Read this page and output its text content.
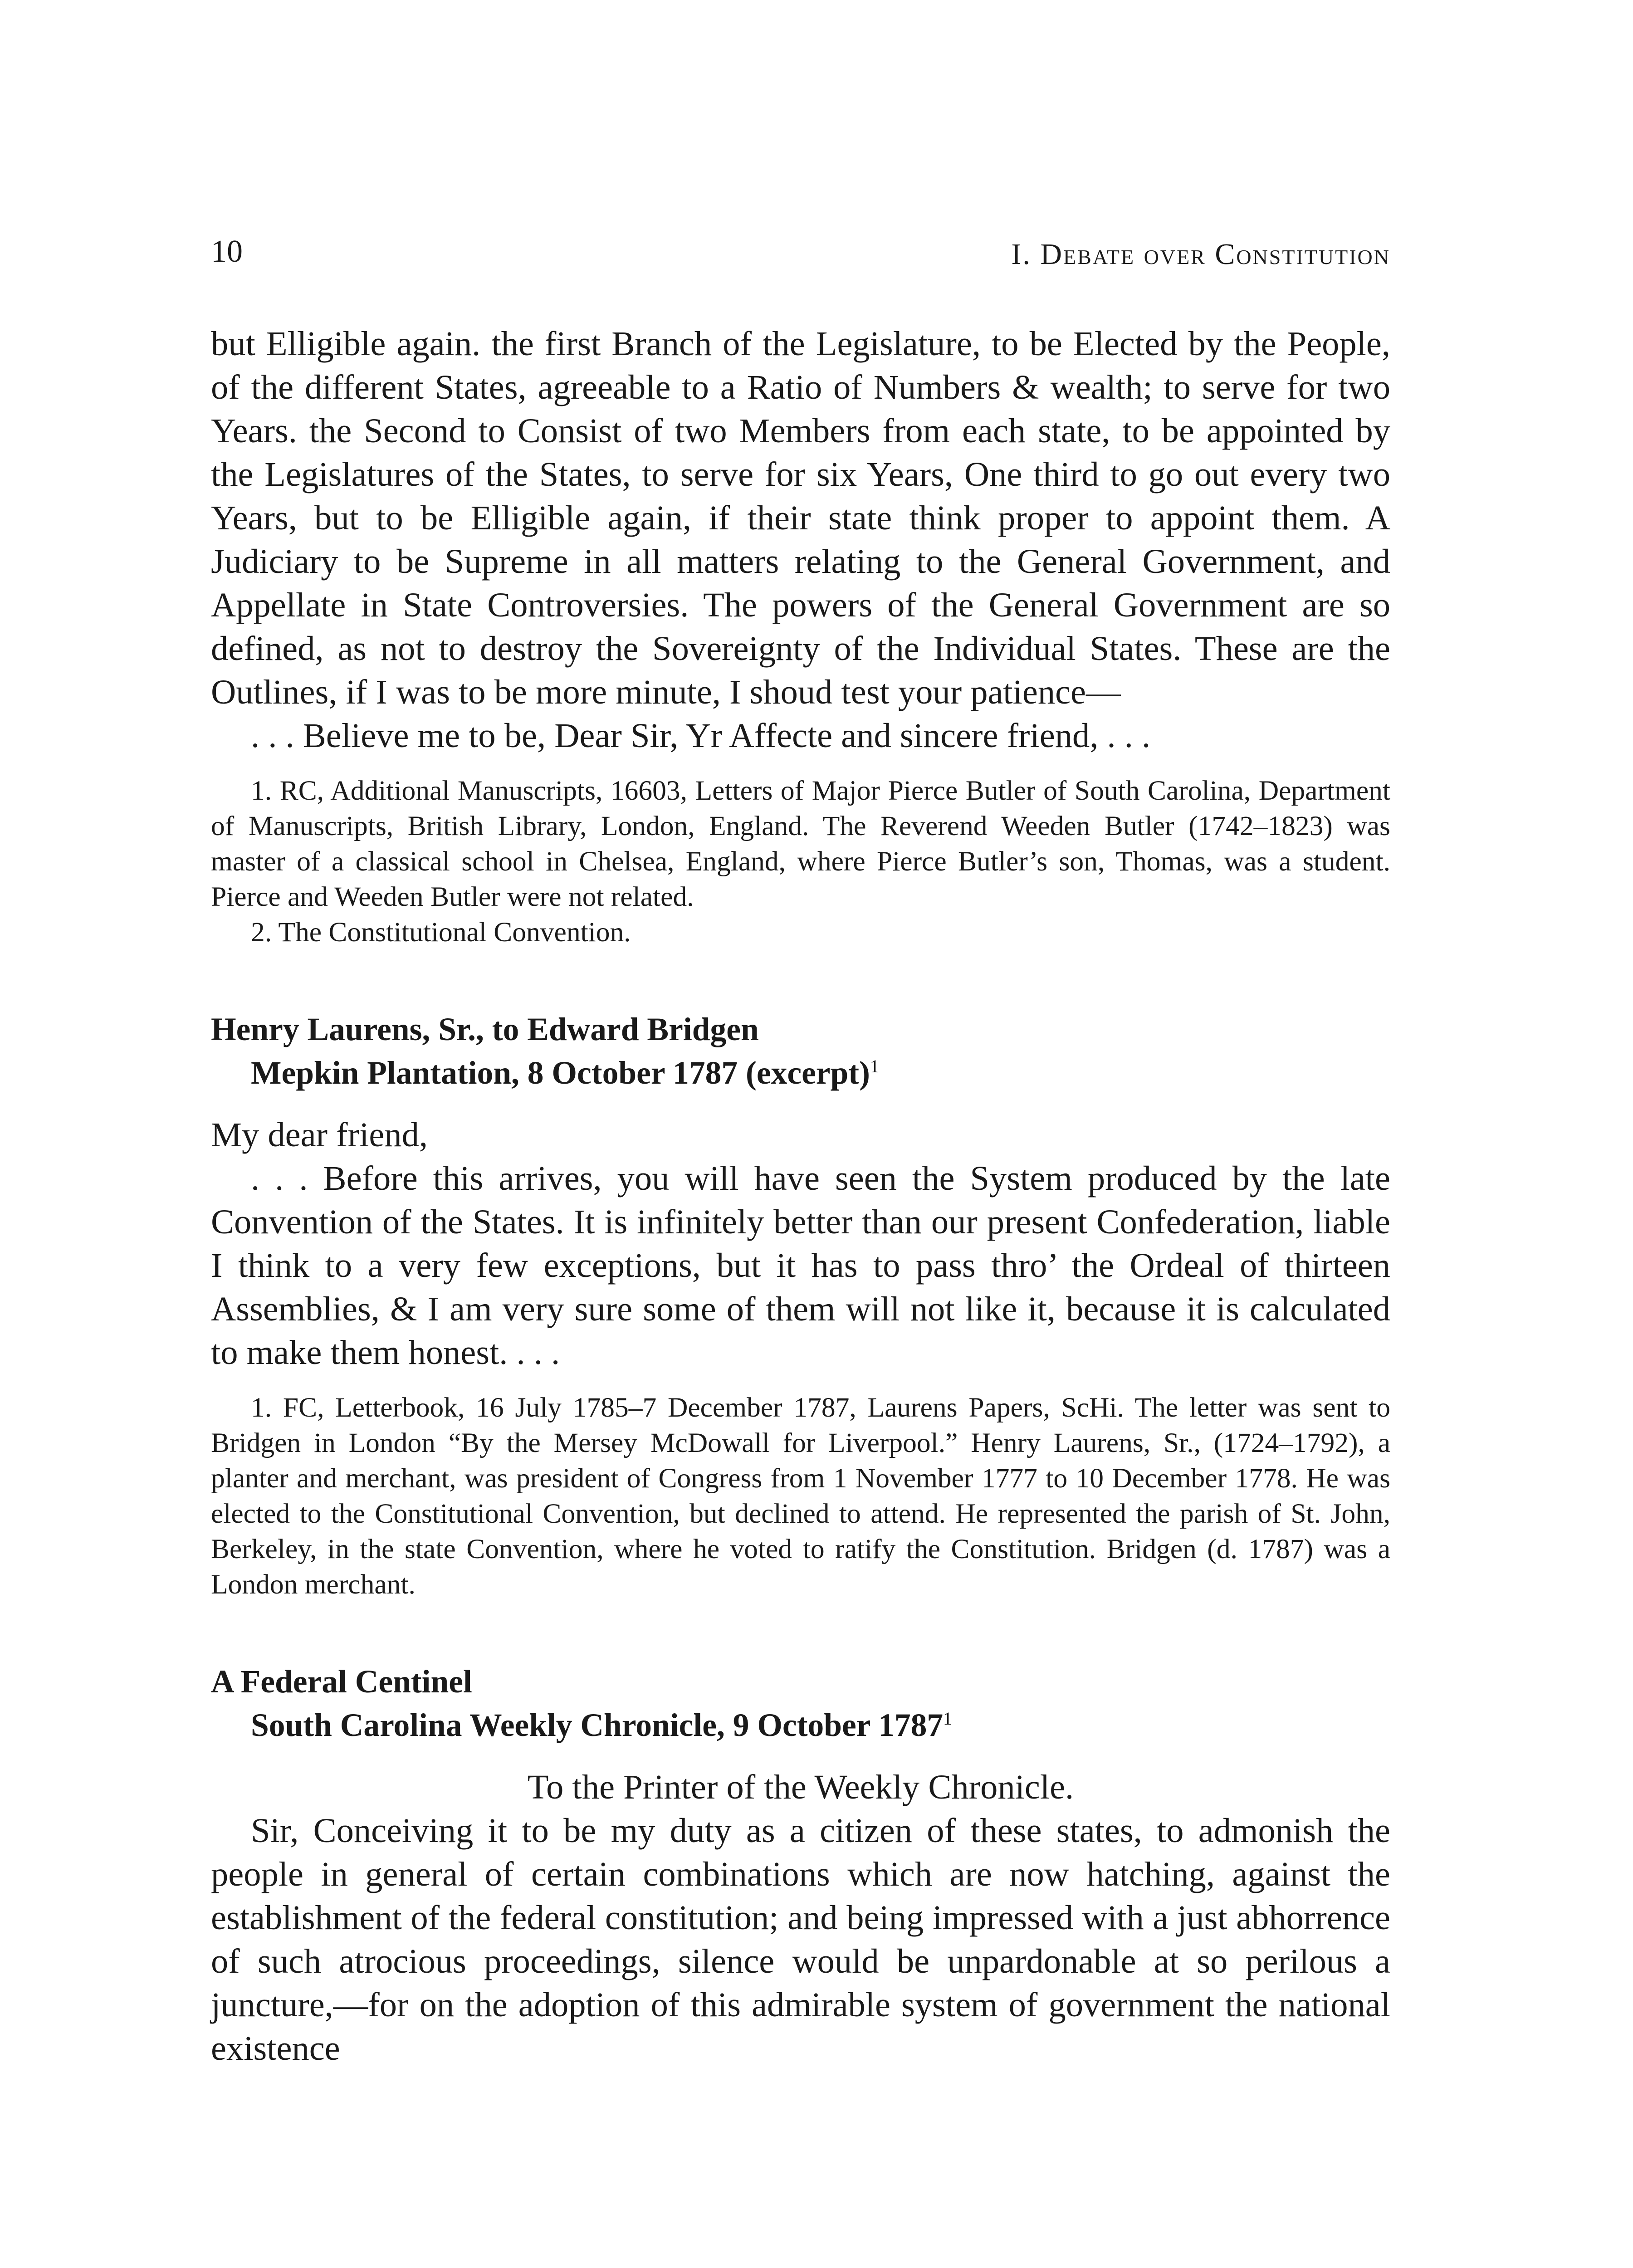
10	I. Debate over Constitution

but Elligible again. the first Branch of the Legislature, to be Elected by the People, of the different States, agreeable to a Ratio of Numbers & wealth; to serve for two Years. the Second to Consist of two Members from each state, to be appointed by the Legislatures of the States, to serve for six Years, One third to go out every two Years, but to be Elligible again, if their state think proper to appoint them. A Judiciary to be Supreme in all matters relating to the General Government, and Appellate in State Controversies. The powers of the General Government are so defined, as not to destroy the Sovereignty of the Individual States. These are the Outlines, if I was to be more minute, I shoud test your patience—

. . . Believe me to be, Dear Sir, Yr Affecte and sincere friend, . . .

1. RC, Additional Manuscripts, 16603, Letters of Major Pierce Butler of South Carolina, Department of Manuscripts, British Library, London, England. The Reverend Weeden Butler (1742–1823) was master of a classical school in Chelsea, England, where Pierce Butler’s son, Thomas, was a student. Pierce and Weeden Butler were not related.

2. The Constitutional Convention.

Henry Laurens, Sr., to Edward Bridgen
Mepkin Plantation, 8 October 1787 (excerpt)$^1$

My dear friend,

. . . Before this arrives, you will have seen the System produced by the late Convention of the States. It is infinitely better than our present Confederation, liable I think to a very few exceptions, but it has to pass thro’ the Ordeal of thirteen Assemblies, & I am very sure some of them will not like it, because it is calculated to make them honest. . . .

1. FC, Letterbook, 16 July 1785–7 December 1787, Laurens Papers, ScHi. The letter was sent to Bridgen in London “By the Mersey McDowall for Liverpool.” Henry Laurens, Sr., (1724–1792), a planter and merchant, was president of Congress from 1 November 1777 to 10 December 1778. He was elected to the Constitutional Convention, but declined to attend. He represented the parish of St. John, Berkeley, in the state Convention, where he voted to ratify the Constitution. Bridgen (d. 1787) was a London merchant.

A Federal Centinel
South Carolina Weekly Chronicle, 9 October 1787$^1$

To the Printer of the Weekly Chronicle.

Sir, Conceiving it to be my duty as a citizen of these states, to admonish the people in general of certain combinations which are now hatching, against the establishment of the federal constitution; and being impressed with a just abhorrence of such atrocious proceedings, silence would be unpardonable at so perilous a juncture,—for on the adoption of this admirable system of government the national existence
